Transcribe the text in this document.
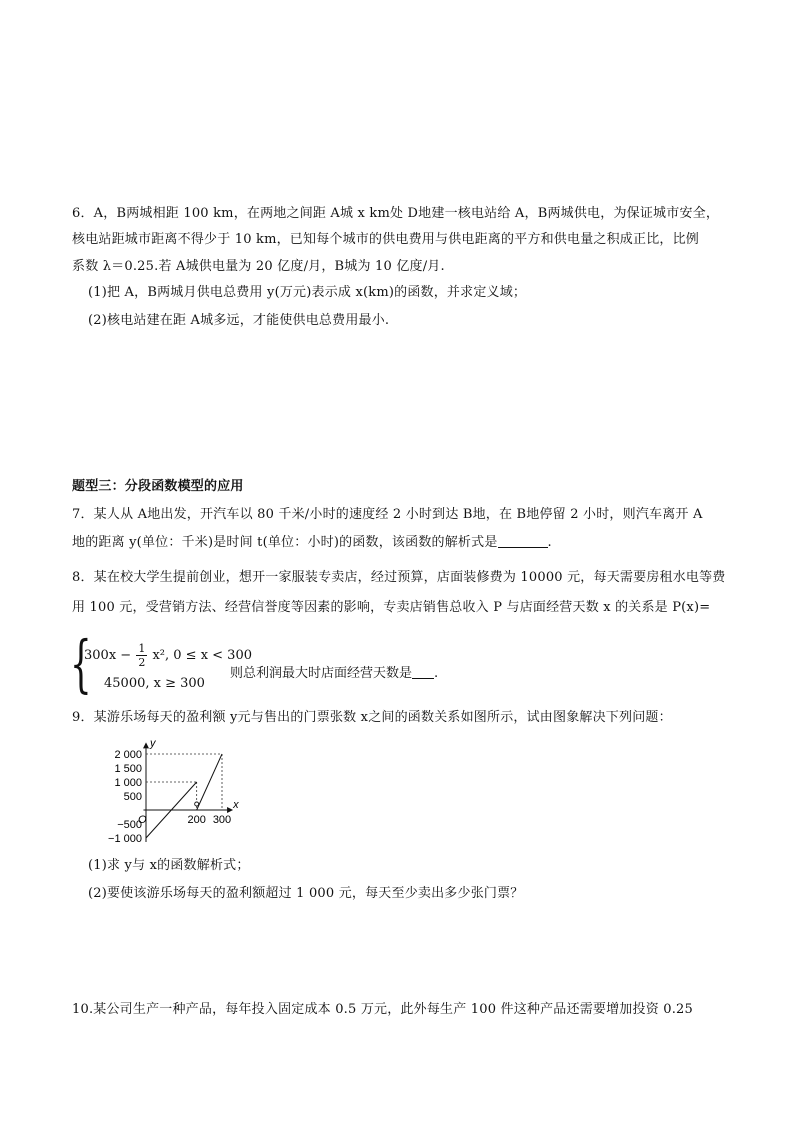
6．A，B两城相距 100 km，在两地之间距 A城 x km处 D地建一核电站给 A，B两城供电，为保证城市安全，
核电站距城市距离不得少于 10 km，已知每个城市的供电费用与供电距离的平方和供电量之积成正比，比例
系数 λ＝0.25.若 A城供电量为 20 亿度/月，B城为 10 亿度/月.
(1)把 A，B两城月供电总费用 y(万元)表示成 x(km)的函数，并求定义域；
(2)核电站建在距 A城多远，才能使供电总费用最小.
题型三：分段函数模型的应用
7．某人从 A地出发，开汽车以 80 千米/小时的速度经 2 小时到达 B地，在 B地停留 2 小时，则汽车离开 A
地的距离 y(单位：千米)是时间 t(单位：小时)的函数，该函数的解析式是	.
8．某在校大学生提前创业，想开一家服装专卖店，经过预算，店面装修费为 10000 元，每天需要房租水电等费
用 100 元，受营销方法、经营信誉度等因素的影响，专卖店销售总收入 P 与店面经营天数 x 的关系是 P(x)=
{
$300x - \frac{1}{2} x^2$, 0 ≤ x < 300
45000, x ≥ 300
则总利润最大时店面经营天数是 .
9．某游乐场每天的盈利额 y元与售出的门票张数 x之间的函数关系如图所示，试由图象解决下列问题：
2 000
1 500
1 000
500
−500
−1 000
200 300
O
x
y
(1)求 y与 x的函数解析式；
(2)要使该游乐场每天的盈利额超过 1 000 元，每天至少卖出多少张门票？
10.某公司生产一种产品，每年投入固定成本 0.5 万元，此外每生产 100 件这种产品还需要增加投资 0.25
